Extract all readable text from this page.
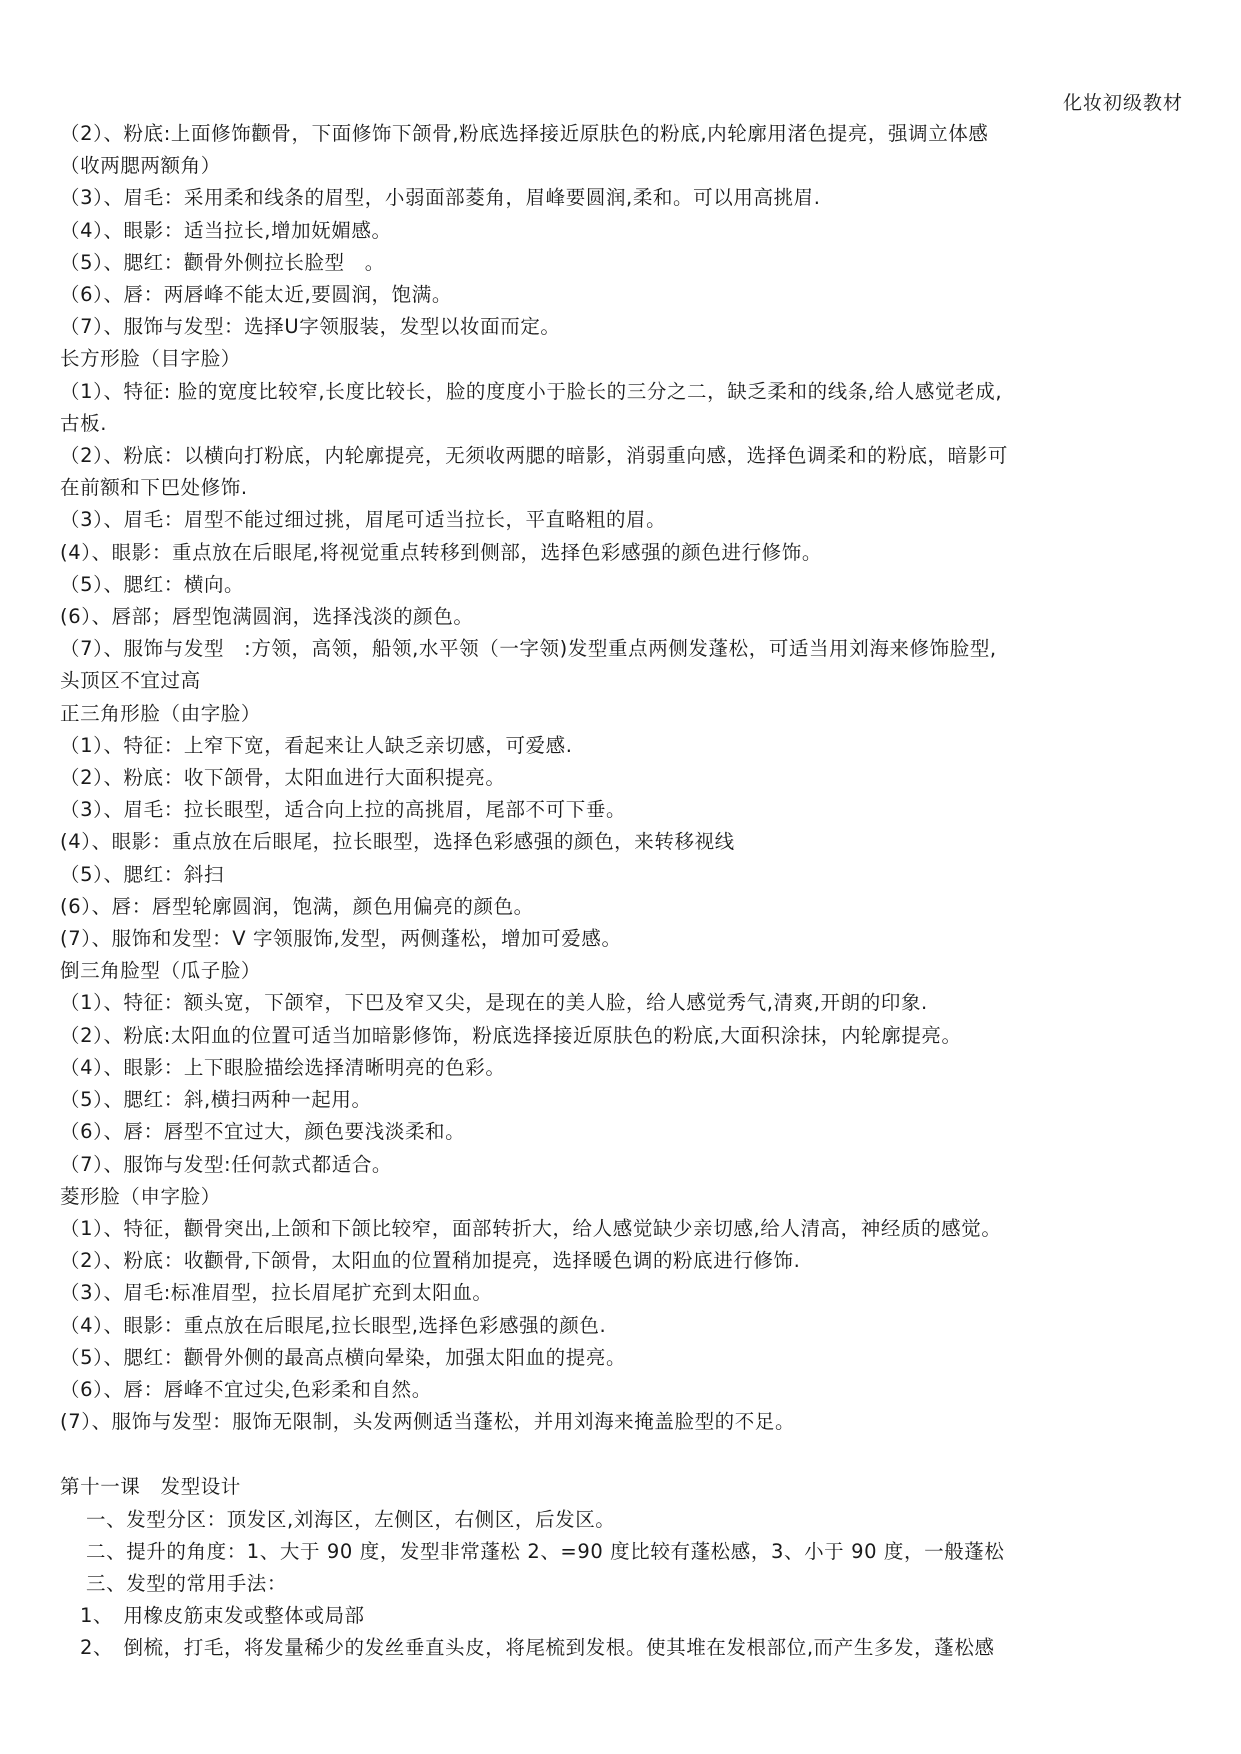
化妆初级教材
（2）、粉底:上面修饰颧骨，下面修饰下颌骨,粉底选择接近原肤色的粉底,内轮廓用渚色提亮，强调立体感
（收两腮两额角）
（3）、眉毛：采用柔和线条的眉型，小弱面部菱角，眉峰要圆润,柔和。可以用高挑眉.
（4）、眼影：适当拉长,增加妩媚感。
（5）、腮红：颧骨外侧拉长脸型　。
（6）、唇：两唇峰不能太近,要圆润，饱满。
（7）、服饰与发型：选择U字领服装，发型以妆面而定。
长方形脸（目字脸）
（1）、特征: 脸的宽度比较窄,长度比较长，脸的度度小于脸长的三分之二，缺乏柔和的线条,给人感觉老成,
古板.
（2）、粉底：以横向打粉底，内轮廓提亮，无须收两腮的暗影，消弱重向感，选择色调柔和的粉底，暗影可
在前额和下巴处修饰.
（3）、眉毛：眉型不能过细过挑，眉尾可适当拉长，平直略粗的眉。
(4）、眼影：重点放在后眼尾,将视觉重点转移到侧部，选择色彩感强的颜色进行修饰。
（5）、腮红：横向。
(6）、唇部；唇型饱满圆润，选择浅淡的颜色。
（7）、服饰与发型　:方领，高领，船领,水平领（一字领)发型重点两侧发蓬松，可适当用刘海来修饰脸型,
头顶区不宜过高
正三角形脸（由字脸）
（1）、特征：上窄下宽，看起来让人缺乏亲切感，可爱感.
（2）、粉底：收下颌骨，太阳血进行大面积提亮。
（3）、眉毛：拉长眼型，适合向上拉的高挑眉，尾部不可下垂。
(4）、眼影：重点放在后眼尾，拉长眼型，选择色彩感强的颜色，来转移视线
（5）、腮红：斜扫
(6）、唇：唇型轮廓圆润，饱满，颜色用偏亮的颜色。
(7）、服饰和发型：V 字领服饰,发型，两侧蓬松，增加可爱感。
倒三角脸型（瓜子脸）
（1）、特征：额头宽，下颌窄，下巴及窄又尖，是现在的美人脸，给人感觉秀气,清爽,开朗的印象.
（2）、粉底:太阳血的位置可适当加暗影修饰，粉底选择接近原肤色的粉底,大面积涂抹，内轮廓提亮。
（4）、眼影：上下眼脸描绘选择清晰明亮的色彩。
（5）、腮红：斜,横扫两种一起用。
（6）、唇：唇型不宜过大，颜色要浅淡柔和。
（7）、服饰与发型:任何款式都适合。
菱形脸（申字脸）
（1）、特征，颧骨突出,上颌和下颌比较窄，面部转折大，给人感觉缺少亲切感,给人清高，神经质的感觉。
（2）、粉底：收颧骨,下颌骨，太阳血的位置稍加提亮，选择暖色调的粉底进行修饰.
（3）、眉毛:标准眉型，拉长眉尾扩充到太阳血。
（4）、眼影：重点放在后眼尾,拉长眼型,选择色彩感强的颜色.
（5）、腮红：颧骨外侧的最高点横向晕染，加强太阳血的提亮。
（6）、唇：唇峰不宜过尖,色彩柔和自然。
(7）、服饰与发型：服饰无限制，头发两侧适当蓬松，并用刘海来掩盖脸型的不足。
第十一课　发型设计
一、发型分区：顶发区,刘海区，左侧区，右侧区，后发区。
二、提升的角度：1、大于 90 度，发型非常蓬松 2、=90 度比较有蓬松感，3、小于 90 度，一般蓬松
三、发型的常用手法：
1、　用橡皮筋束发或整体或局部
2、　倒梳，打毛，将发量稀少的发丝垂直头皮，将尾梳到发根。使其堆在发根部位,而产生多发，蓬松感
